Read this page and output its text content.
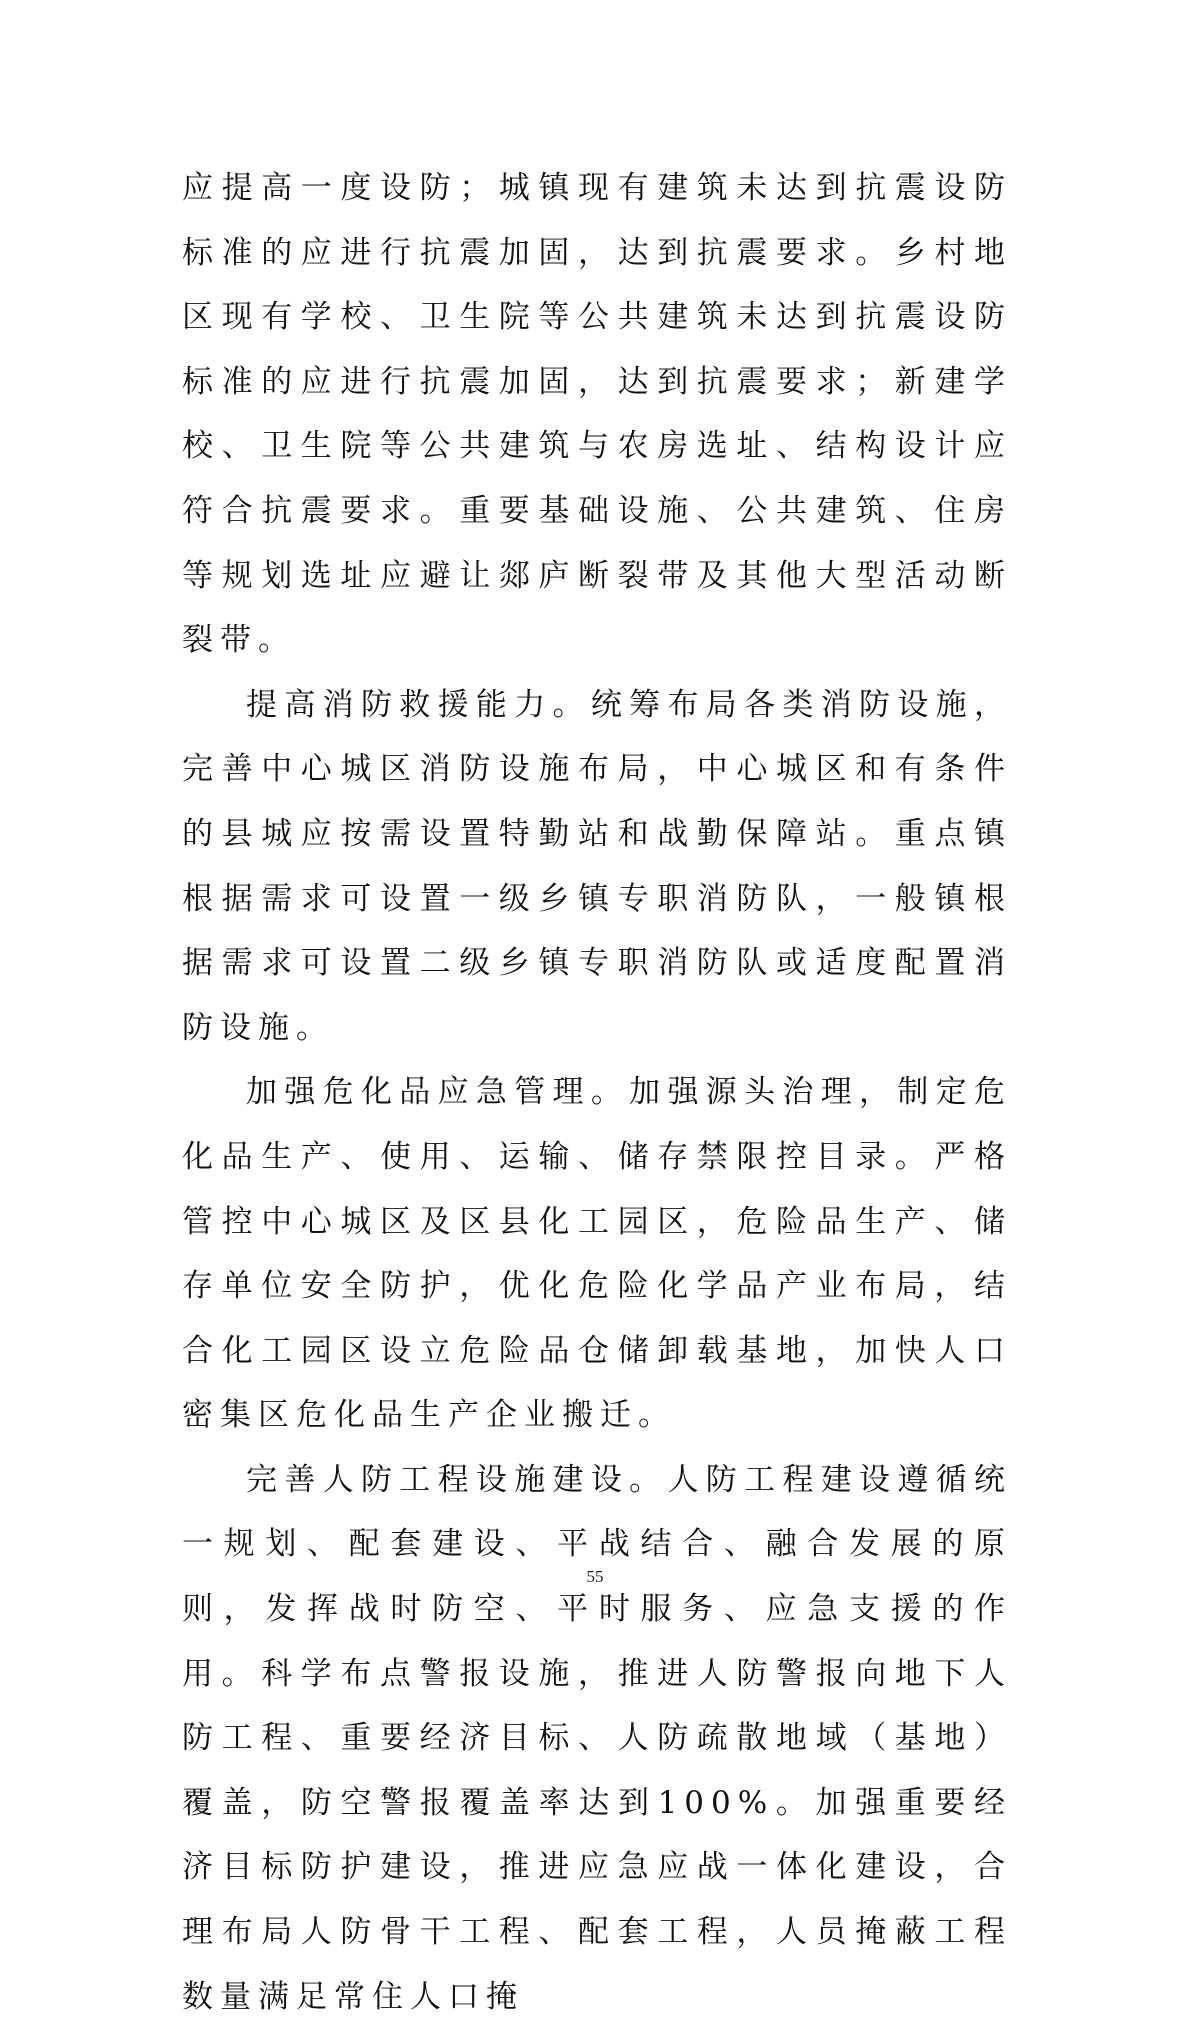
应提高一度设防；城镇现有建筑未达到抗震设防标准的应进行抗震加固，达到抗震要求。乡村地区现有学校、卫生院等公共建筑未达到抗震设防标准的应进行抗震加固，达到抗震要求；新建学校、卫生院等公共建筑与农房选址、结构设计应符合抗震要求。重要基础设施、公共建筑、住房等规划选址应避让郯庐断裂带及其他大型活动断裂带。

提高消防救援能力。统筹布局各类消防设施，完善中心城区消防设施布局，中心城区和有条件的县城应按需设置特勤站和战勤保障站。重点镇根据需求可设置一级乡镇专职消防队，一般镇根据需求可设置二级乡镇专职消防队或适度配置消防设施。

加强危化品应急管理。加强源头治理，制定危化品生产、使用、运输、储存禁限控目录。严格管控中心城区及区县化工园区，危险品生产、储存单位安全防护，优化危险化学品产业布局，结合化工园区设立危险品仓储卸载基地，加快人口密集区危化品生产企业搬迁。

完善人防工程设施建设。人防工程建设遵循统一规划、配套建设、平战结合、融合发展的原则，发挥战时防空、平时服务、应急支援的作用。科学布点警报设施，推进人防警报向地下人防工程、重要经济目标、人防疏散地域（基地）覆盖，防空警报覆盖率达到100%。加强重要经济目标防护建设，推进应急应战一体化建设，合理布局人防骨干工程、配套工程，人员掩蔽工程数量满足常住人口掩

55
